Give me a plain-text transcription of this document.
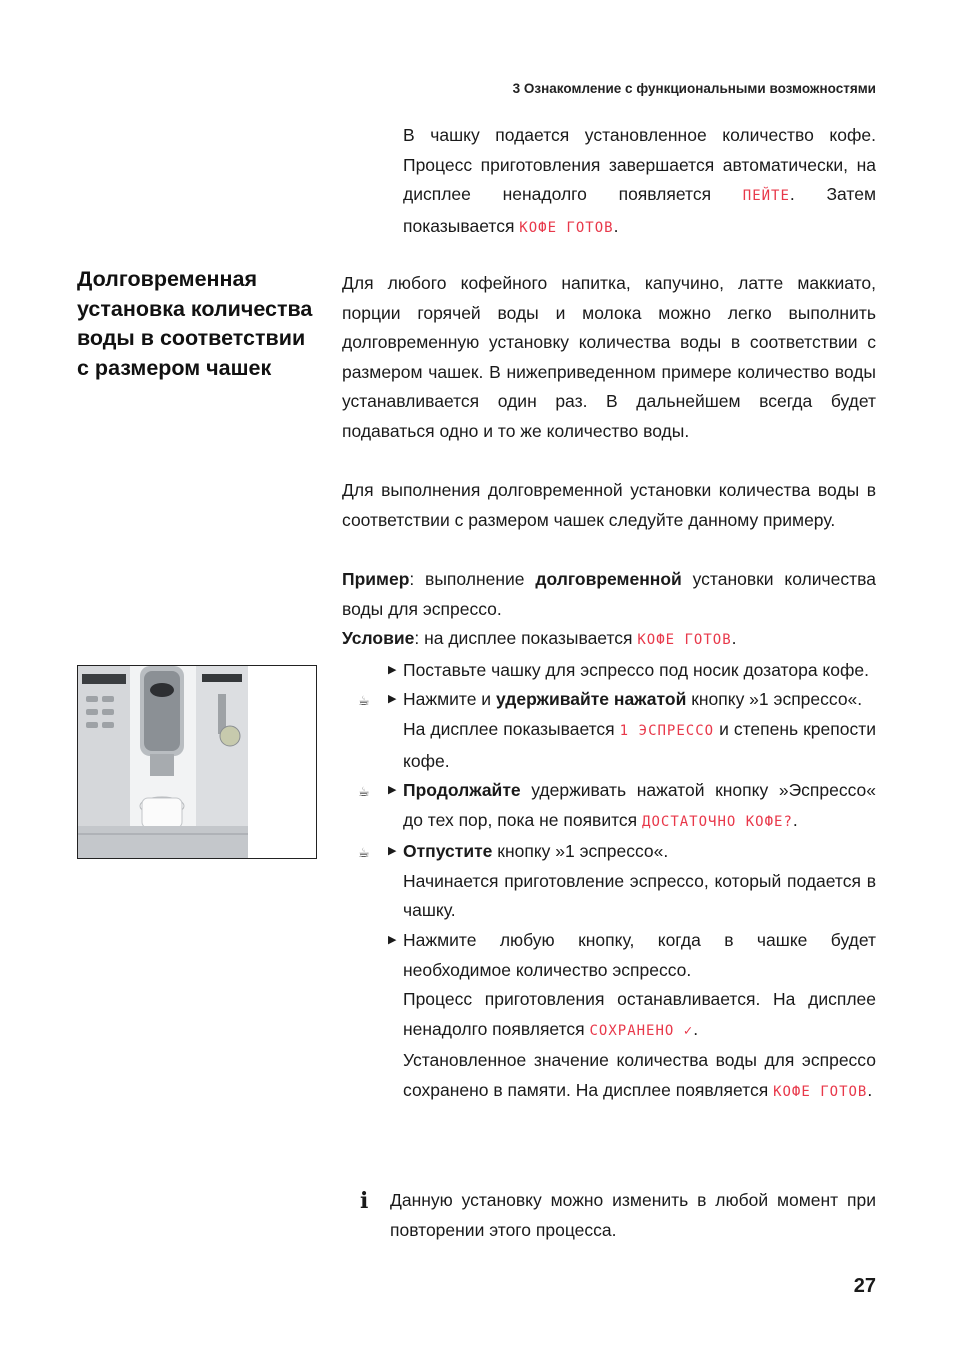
3 Ознакомление с функциональными возможностями

В чашку подается установленное количество кофе. Процесс приготовления завершается автоматически, на дисплее ненадолго появляется ПЕЙТЕ. Затем показывается КОФЕ ГОТОВ.

Долговременная установка количества воды в соответствии с размером чашек

Для любого кофейного напитка, капучино, латте маккиато, порции горячей воды и молока можно легко выполнить долговременную установку количества воды в соответствии с размером чашек. В нижеприведенном примере количество воды устанавливается один раз. В дальнейшем всегда будет подаваться одно и то же количество воды.

Для выполнения долговременной установки количества воды в соответствии с размером чашек следуйте данному примеру.

Пример: выполнение долговременной установки количества воды для эспрессо.

Условие: на дисплее показывается КОФЕ ГОТОВ.

▶ Поставьте чашку для эспрессо под носик дозатора кофе.

☕ ▶ Нажмите и удерживайте нажатой кнопку »1 эспрессо«.

На дисплее показывается 1 ЭСПРЕССО и степень крепости кофе.

☕ ▶ Продолжайте удерживать нажатой кнопку »Эспрессо« до тех пор, пока не появится ДОСТАТОЧНО КОФЕ?.

☕ ▶ Отпустите кнопку »1 эспрессо«.

Начинается приготовление эспрессо, который подается в чашку.

▶ Нажмите любую кнопку, когда в чашке будет необходимое количество эспрессо.

Процесс приготовления останавливается. На дисплее ненадолго появляется СОХРАНЕНО ✓.

Установленное значение количества воды для эспрессо сохранено в памяти. На дисплее появляется КОФЕ ГОТОВ.

i Данную установку можно изменить в любой момент при повторении этого процесса.

27
